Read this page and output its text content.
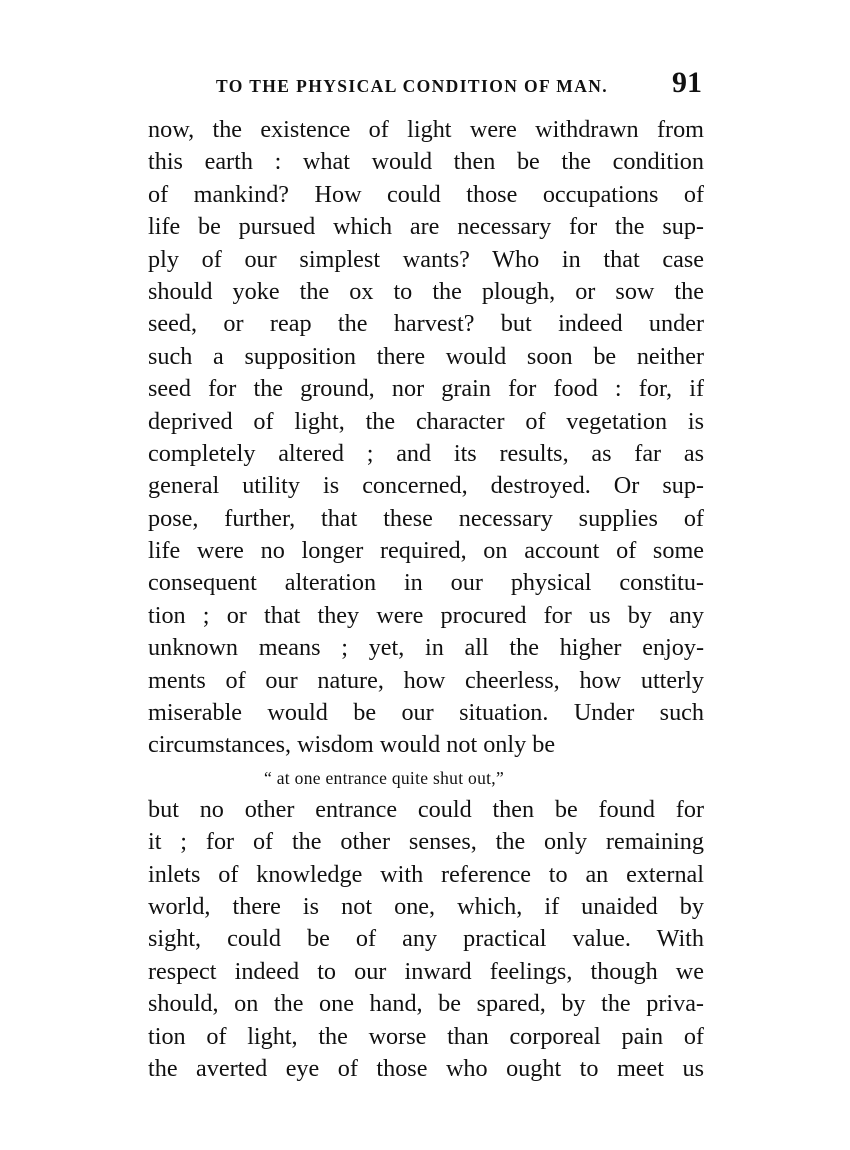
TO THE PHYSICAL CONDITION OF MAN. 91
now, the existence of light were withdrawn from
this earth : what would then be the condition
of mankind? How could those occupations of
life be pursued which are necessary for the sup-
ply of our simplest wants? Who in that case
should yoke the ox to the plough, or sow the
seed, or reap the harvest? but indeed under
such a supposition there would soon be neither
seed for the ground, nor grain for food : for, if
deprived of light, the character of vegetation is
completely altered ; and its results, as far as
general utility is concerned, destroyed. Or sup-
pose, further, that these necessary supplies of
life were no longer required, on account of some
consequent alteration in our physical constitu-
tion ; or that they were procured for us by any
unknown means ; yet, in all the higher enjoy-
ments of our nature, how cheerless, how utterly
miserable would be our situation. Under such
circumstances, wisdom would not only be
“ at one entrance quite shut out,”
but no other entrance could then be found for
it ; for of the other senses, the only remaining
inlets of knowledge with reference to an external
world, there is not one, which, if unaided by
sight, could be of any practical value. With
respect indeed to our inward feelings, though we
should, on the one hand, be spared, by the priva-
tion of light, the worse than corporeal pain of
the averted eye of those who ought to meet us
